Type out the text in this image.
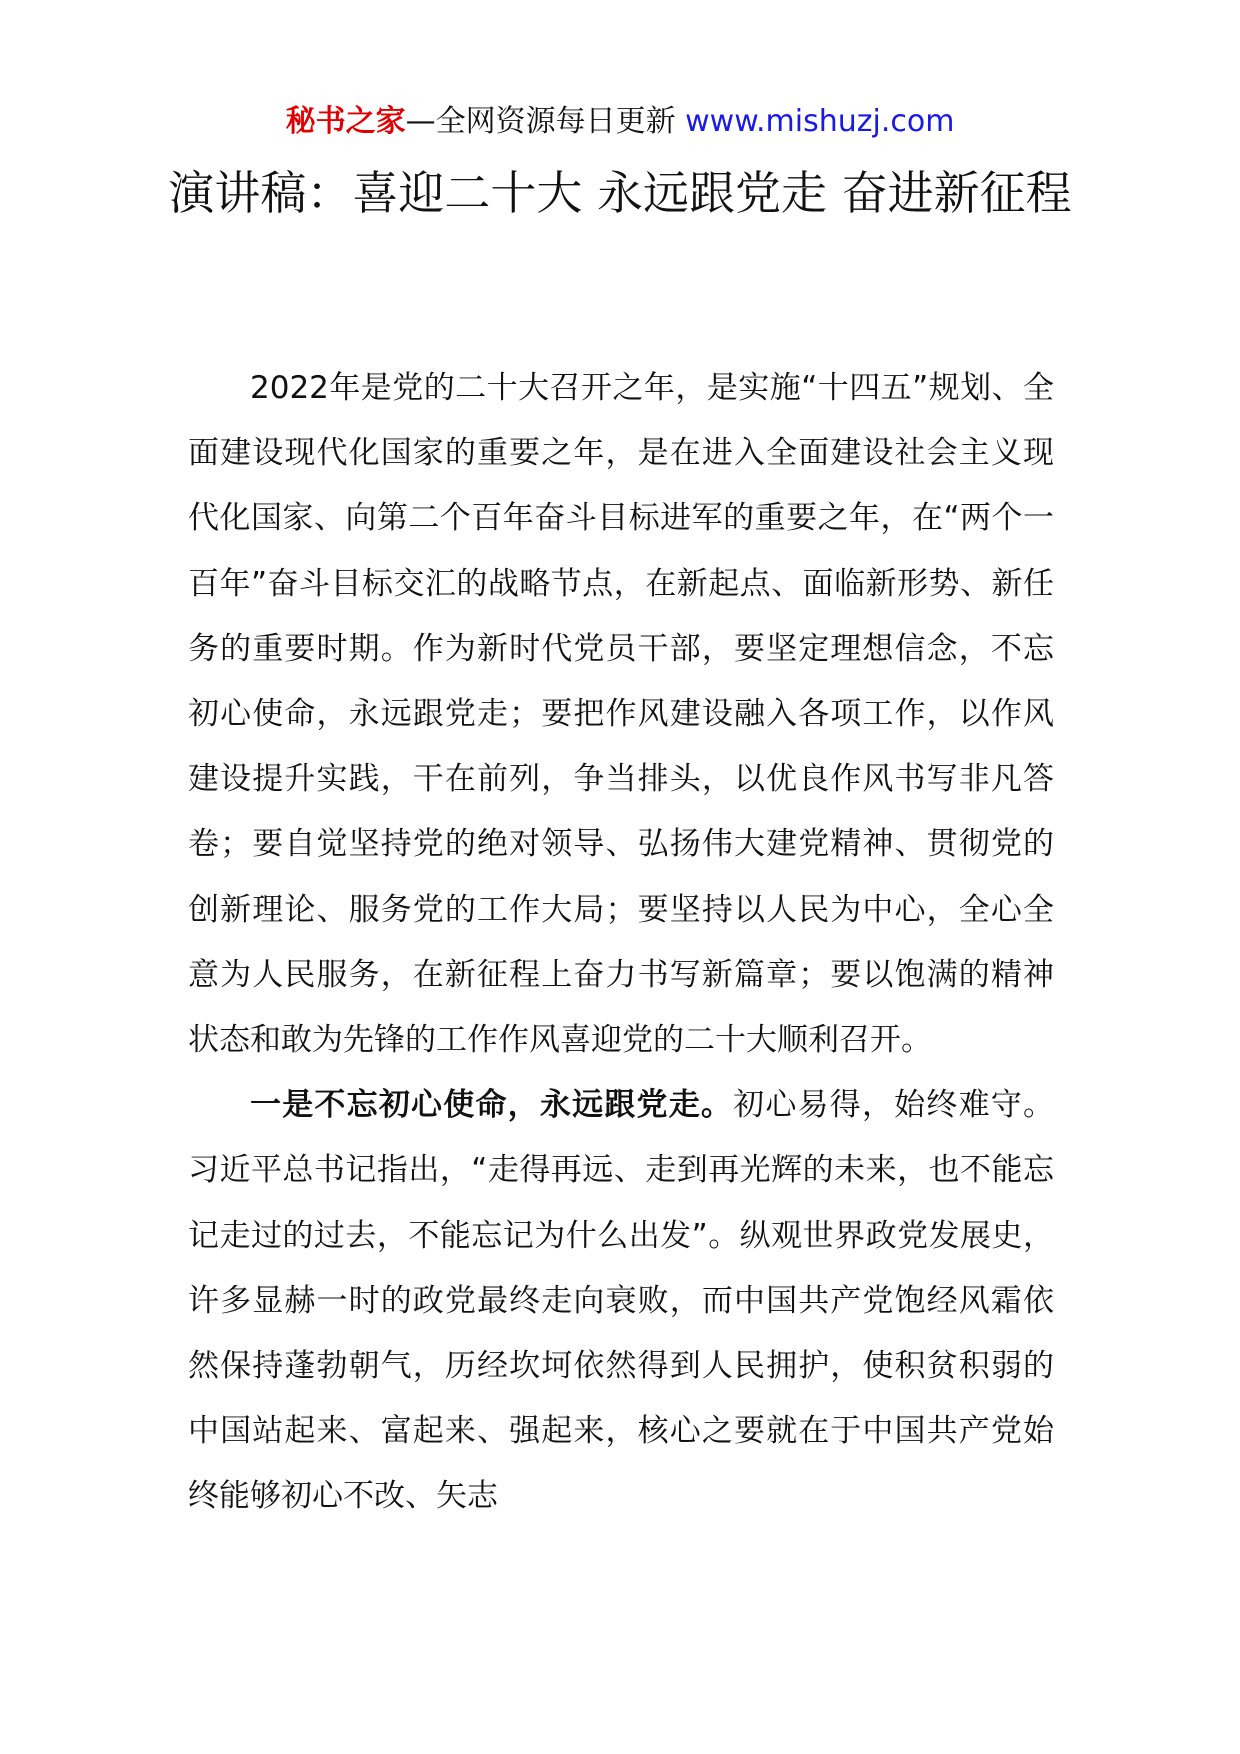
秘书之家—全网资源每日更新 www.mishuzj.com
演讲稿：喜迎二十大 永远跟党走 奋进新征程

2022年是党的二十大召开之年，是实施“十四五”规划、全面建设现代化国家的重要之年，是在进入全面建设社会主义现代化国家、向第二个百年奋斗目标进军的重要之年，在“两个一百年”奋斗目标交汇的战略节点，在新起点、面临新形势、新任务的重要时期。作为新时代党员干部，要坚定理想信念，不忘初心使命，永远跟党走；要把作风建设融入各项工作，以作风建设提升实践，干在前列，争当排头，以优良作风书写非凡答卷；要自觉坚持党的绝对领导、弘扬伟大建党精神、贯彻党的创新理论、服务党的工作大局；要坚持以人民为中心，全心全意为人民服务，在新征程上奋力书写新篇章；要以饱满的精神状态和敢为先锋的工作作风喜迎党的二十大顺利召开。

一是不忘初心使命，永远跟党走。初心易得，始终难守。习近平总书记指出，“走得再远、走到再光辉的未来，也不能忘记走过的过去，不能忘记为什么出发”。纵观世界政党发展史，许多显赫一时的政党最终走向衰败，而中国共产党饱经风霜依然保持蓬勃朝气，历经坎坷依然得到人民拥护，使积贫积弱的中国站起来、富起来、强起来，核心之要就在于中国共产党始终能够初心不改、矢志
